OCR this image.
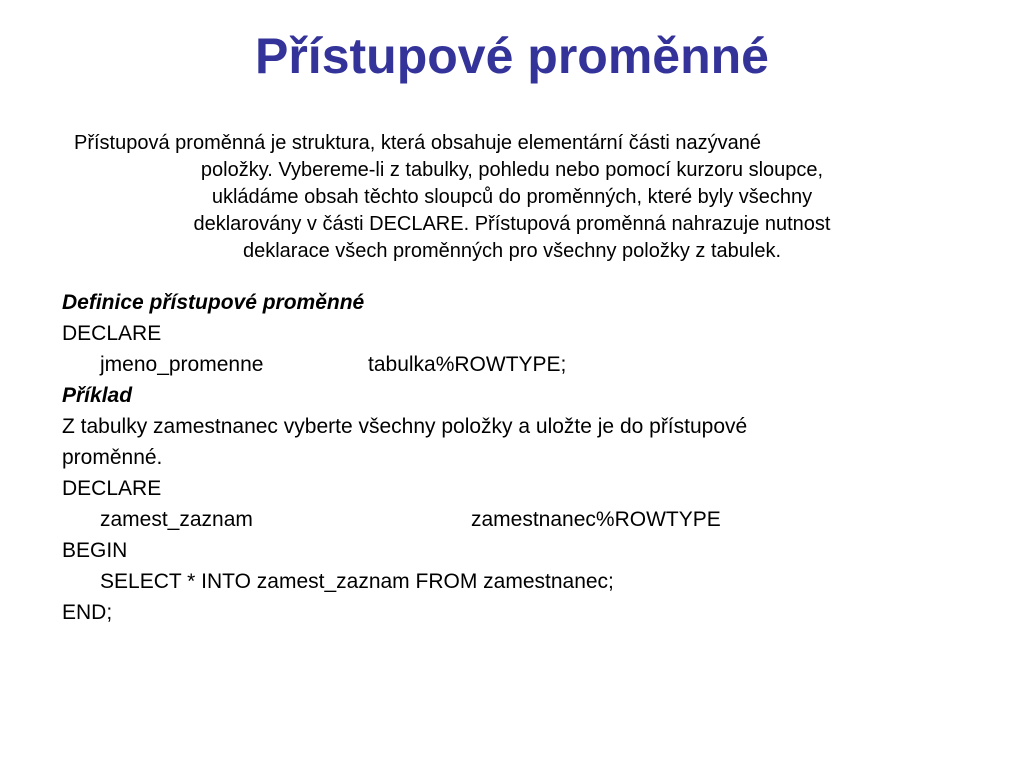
Přístupové proměnné
Přístupová proměnná je struktura, která obsahuje elementární části nazývané
položky. Vybereme-li z tabulky, pohledu nebo pomocí kurzoru sloupce,
ukládáme obsah těchto sloupců do proměnných, které byly všechny
deklarovány v části DECLARE. Přístupová proměnná nahrazuje nutnost
deklarace všech proměnných pro všechny položky z tabulek.
Definice přístupové proměnné
DECLARE
jmeno_promenne	tabulka%ROWTYPE;
Příklad
Z tabulky zamestnanec vyberte všechny položky a uložte je do přístupové
proměnné.
DECLARE
zamest_zaznam	zamestnanec%ROWTYPE
BEGIN
SELECT * INTO zamest_zaznam FROM zamestnanec;
END;
